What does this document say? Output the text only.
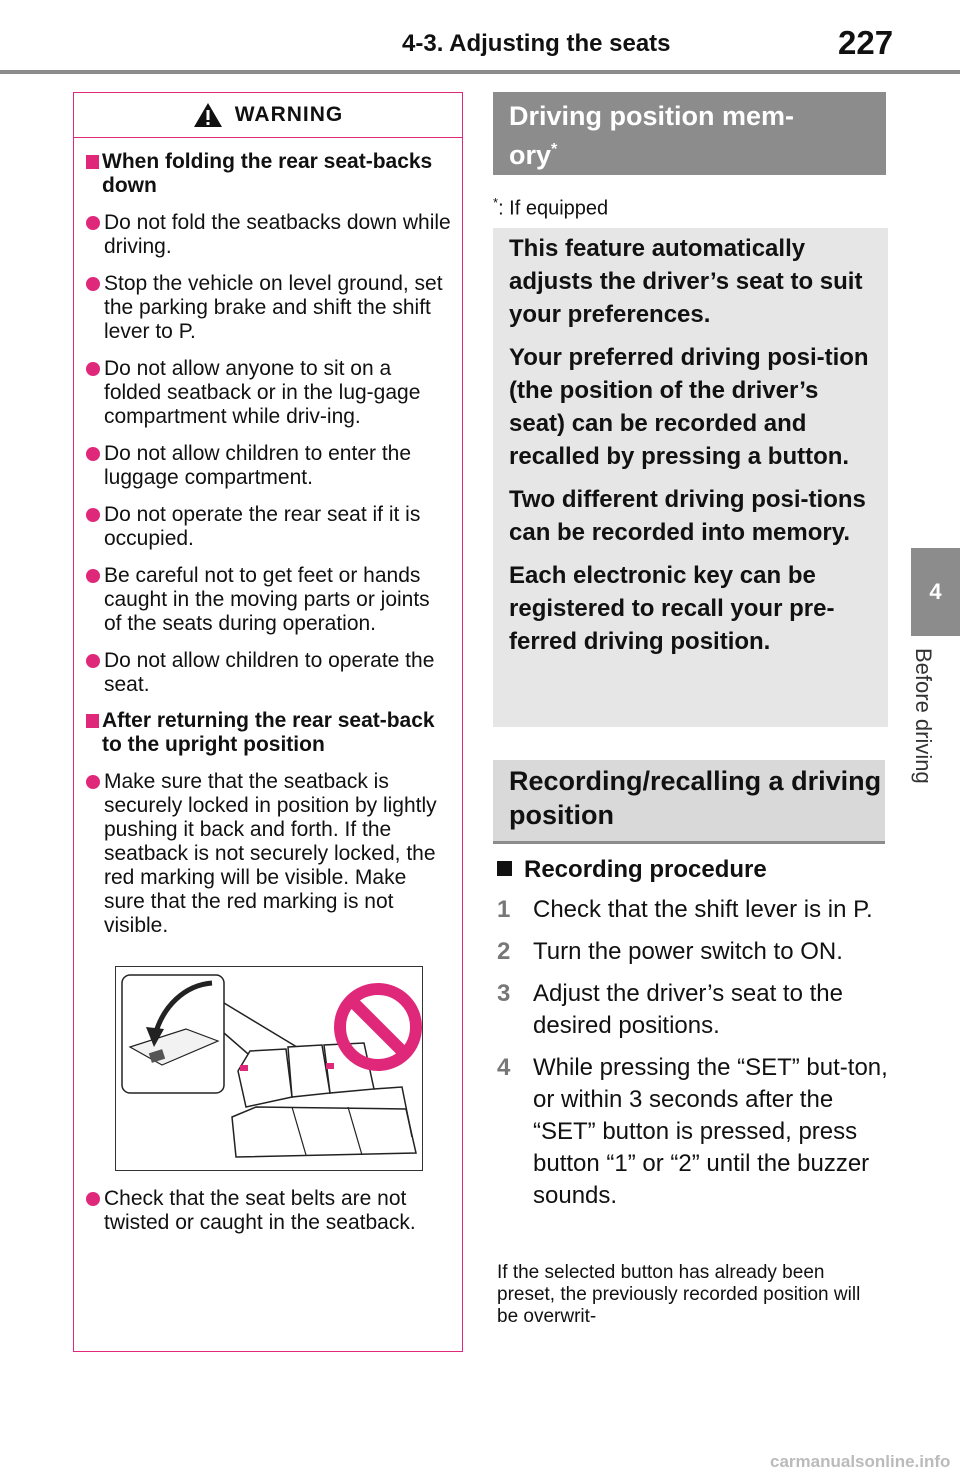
4-3. Adjusting the seats	227
4
Before driving
WARNING
When folding the rear seat-backs down
Do not fold the seatbacks down while driving.
Stop the vehicle on level ground, set the parking brake and shift the shift lever to P.
Do not allow anyone to sit on a folded seatback or in the lug-gage compartment while driv-ing.
Do not allow children to enter the luggage compartment.
Do not operate the rear seat if it is occupied.
Be careful not to get feet or hands caught in the moving parts or joints of the seats during operation.
Do not allow children to operate the seat.
After returning the rear seat-back to the upright position
Make sure that the seatback is securely locked in position by lightly pushing it back and forth. If the seatback is not securely locked, the red marking will be visible. Make sure that the red marking is not visible.
Check that the seat belts are not twisted or caught in the seatback.
Driving position mem-
ory*
*: If equipped

This feature automatically adjusts the driver’s seat to suit your preferences.

Your preferred driving posi-tion (the position of the driver’s seat) can be recorded and recalled by pressing a button.

Two different driving posi-tions can be recorded into memory.

Each electronic key can be registered to recall your pre-ferred driving position.

Recording/recalling a driving position
Recording procedure
1 Check that the shift lever is in P.
2 Turn the power switch to ON.
3 Adjust the driver’s seat to the desired positions.
4 While pressing the “SET” but-ton, or within 3 seconds after the “SET” button is pressed, press button “1” or “2” until the buzzer sounds.
If the selected button has already been preset, the previously recorded position will be overwrit-
carmanualsonline.info
